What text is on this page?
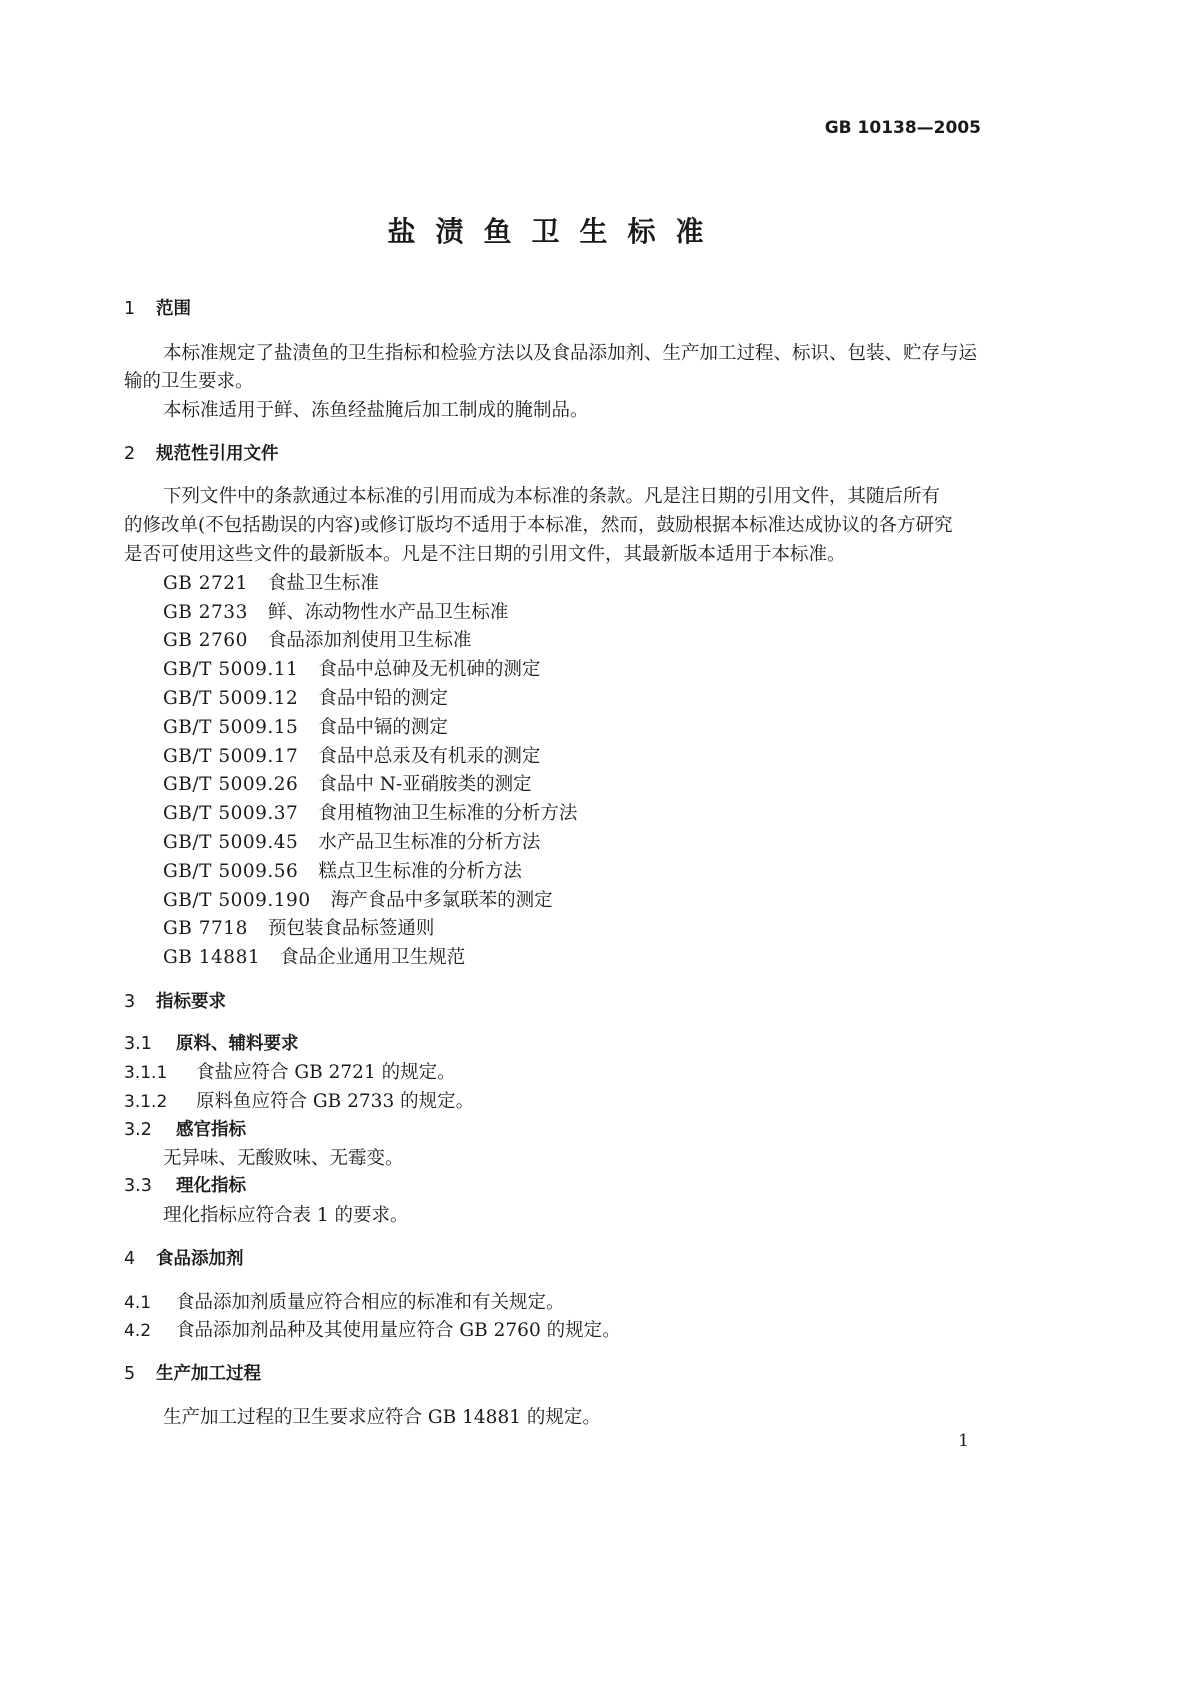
GB 10138—2005
盐渍鱼卫生标准
1 范围
本标准规定了盐渍鱼的卫生指标和检验方法以及食品添加剂、生产加工过程、标识、包装、贮存与运
输的卫生要求。
本标准适用于鲜、冻鱼经盐腌后加工制成的腌制品。
2 规范性引用文件
下列文件中的条款通过本标准的引用而成为本标准的条款。凡是注日期的引用文件，其随后所有
的修改单(不包括勘误的内容)或修订版均不适用于本标准，然而，鼓励根据本标准达成协议的各方研究
是否可使用这些文件的最新版本。凡是不注日期的引用文件，其最新版本适用于本标准。
GB 2721 食盐卫生标准
GB 2733 鲜、冻动物性水产品卫生标准
GB 2760 食品添加剂使用卫生标准
GB/T 5009.11 食品中总砷及无机砷的测定
GB/T 5009.12 食品中铅的测定
GB/T 5009.15 食品中镉的测定
GB/T 5009.17 食品中总汞及有机汞的测定
GB/T 5009.26 食品中 N-亚硝胺类的测定
GB/T 5009.37 食用植物油卫生标准的分析方法
GB/T 5009.45 水产品卫生标准的分析方法
GB/T 5009.56 糕点卫生标准的分析方法
GB/T 5009.190 海产食品中多氯联苯的测定
GB 7718 预包装食品标签通则
GB 14881 食品企业通用卫生规范
3 指标要求
3.1 原料、辅料要求
3.1.1 食盐应符合 GB 2721 的规定。
3.1.2 原料鱼应符合 GB 2733 的规定。
3.2 感官指标
无异味、无酸败味、无霉变。
3.3 理化指标
理化指标应符合表 1 的要求。
4 食品添加剂
4.1 食品添加剂质量应符合相应的标准和有关规定。
4.2 食品添加剂品种及其使用量应符合 GB 2760 的规定。
5 生产加工过程
生产加工过程的卫生要求应符合 GB 14881 的规定。
1
